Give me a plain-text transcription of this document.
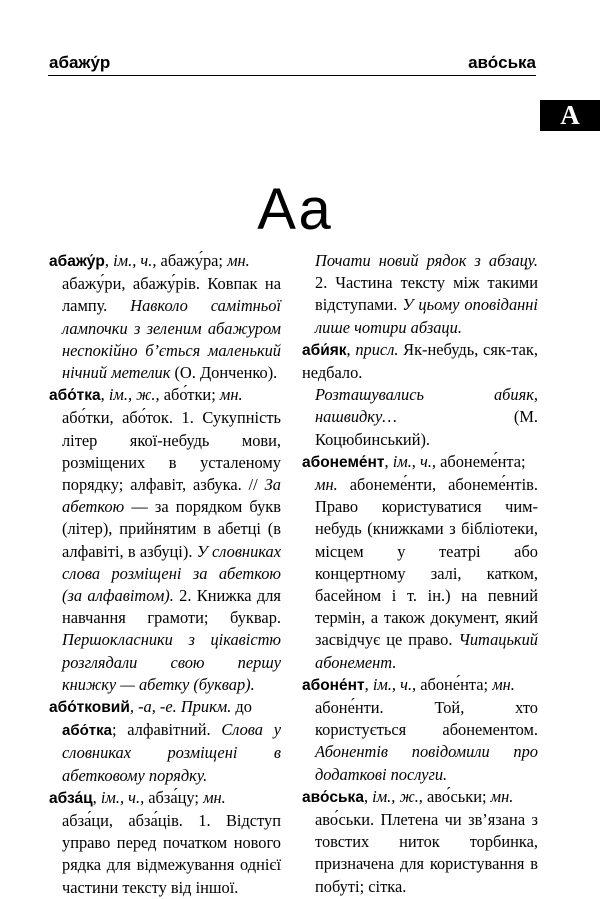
абажу́р	аво́ська
А
Аа

абажу́р, ім., ч., абажу́ра; мн.
абажу́ри, абажу́рів. Ковпак на лампу. Навколо самітньої лампочки з зеленим абажуром неспокійно б’ється маленький нічний метелик (О. Донченко).

або́тка, ім., ж., або́тки; мн.
або́тки, або́ток. 1. Сукупність літер якої-небудь мови, розміщених в усталеному порядку; алфавіт, азбука. // За абеткою — за порядком букв (літер), прийнятим в абетці (в алфавіті, в азбуці). У словниках слова розміщені за абеткою (за алфавітом). 2. Книжка для навчання грамоти; буквар. Першокласники з цікавістю розглядали свою першу книжку — абетку (буквар).

або́тковий, -а, -е. Прикм. до
або́тка; алфавітний. Слова у словниках розміщені в абетковому порядку.

абза́ц, ім., ч., абза́цу; мн.
абза́ци, абза́ців. 1. Відступ управо перед початком нового рядка для відмежування однієї частини тексту від іншої.

Почати новий рядок з абзацу. 2. Частина тексту між такими відступами. У цьому оповіданні лише чотири абзаци.

аби́як, присл. Як-небудь, сяк-так, недбало.
Розташувались абияк, нашвидку…	(М. Коцюбинський).

абонеме́нт, ім., ч., абонеме́нта;
мн. абонеме́нти, абонеме́нтів. Право користуватися чим-небудь (книжками з бібліотеки, місцем у театрі або концертному залі, катком, басейном і т. ін.) на певний термін, а також документ, який засвідчує це право. Читацький абонемент.

абоне́нт, ім., ч., абоне́нта; мн.
абоне́нти.	Той, хто користується абонементом. Абонентів повідомили про додаткові послуги.

аво́ська, ім., ж., аво́ськи; мн.
аво́ськи. Плетена чи зв’язана з товстих ниток торбинка, призначена для користування в побуті; сітка.
